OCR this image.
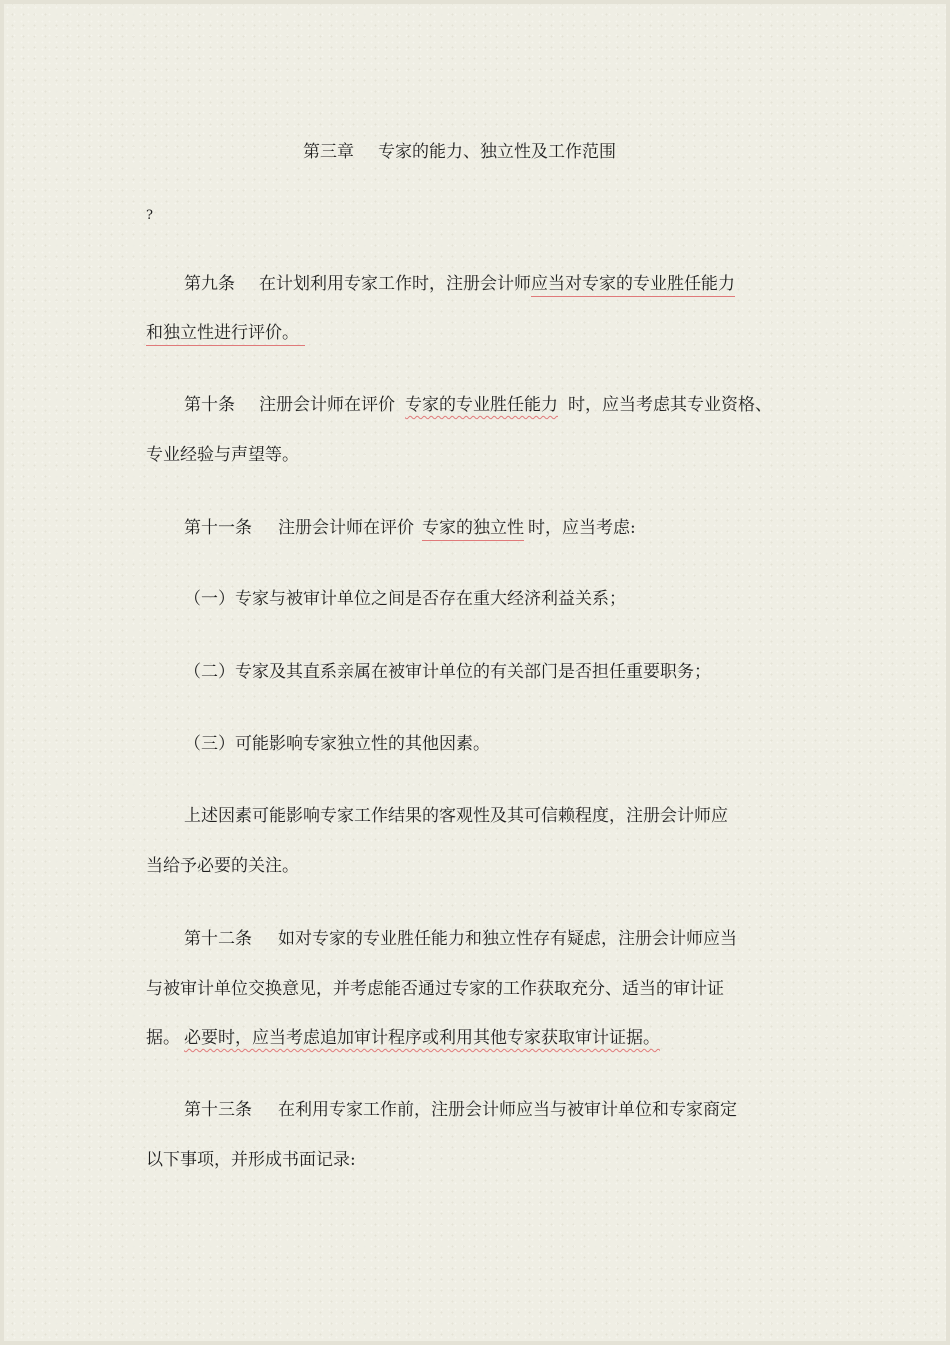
第三章 专家的能力、独立性及工作范围
?
第九条 在计划利用专家工作时，注册会计师应当对专家的专业胜任能力
和独立性进行评价。
第十条 注册会计师在评价 专家的专业胜任能力 时，应当考虑其专业资格、
专业经验与声望等。
第十一条 注册会计师在评价 专家的独立性 时，应当考虑:
（一）专家与被审计单位之间是否存在重大经济利益关系；
（二）专家及其直系亲属在被审计单位的有关部门是否担任重要职务；
（三）可能影响专家独立性的其他因素。
上述因素可能影响专家工作结果的客观性及其可信赖程度，注册会计师应
当给予必要的关注。
第十二条 如对专家的专业胜任能力和独立性存有疑虑，注册会计师应当
与被审计单位交换意见，并考虑能否通过专家的工作获取充分、适当的审计证
据。 必要时，应当考虑追加审计程序或利用其他专家获取审计证据。
第十三条 在利用专家工作前，注册会计师应当与被审计单位和专家商定
以下事项，并形成书面记录:
